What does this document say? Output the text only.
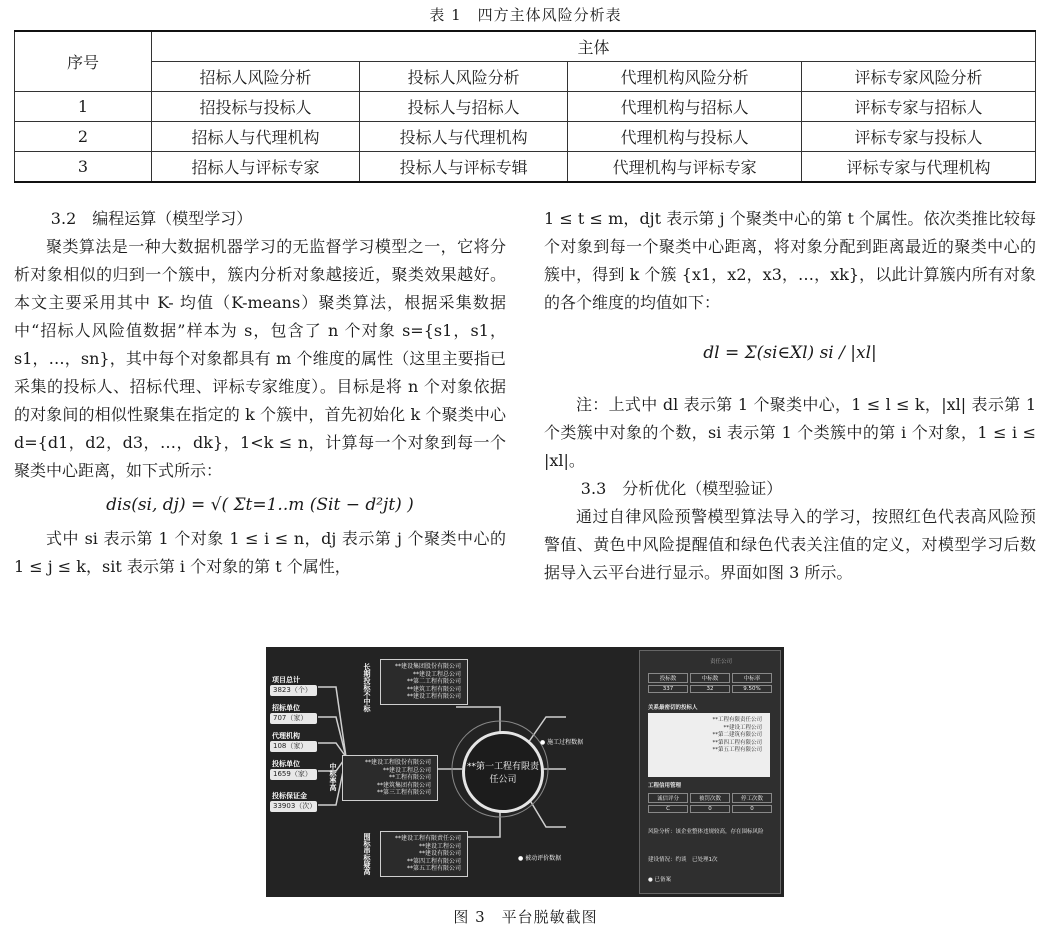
表 1　四方主体风险分析表
序号	主体			
	招标人风险分析	投标人风险分析	代理机构风险分析	评标专家风险分析
1	招投标与投标人	投标人与招标人	代理机构与招标人	评标专家与招标人
2	招标人与代理机构	投标人与代理机构	代理机构与投标人	评标专家与投标人
3	招标人与评标专家	投标人与评标专辑	代理机构与评标专家	评标专家与代理机构

3.2　编程运算（模型学习）

聚类算法是一种大数据机器学习的无监督学习模型之一，它将分析对象相似的归到一个簇中，簇内分析对象越接近，聚类效果越好。本文主要采用其中 K- 均值（K-means）聚类算法，根据采集数据中“招标人风险值数据”样本为 s，包含了 n 个对象 s={s1，s1，s1，…，sn}，其中每个对象都具有 m 个维度的属性（这里主要指已采集的投标人、招标代理、评标专家维度）。目标是将 n 个对象依据的对象间的相似性聚集在指定的 k 个簇中，首先初始化 k 个聚类中心 d={d1，d2，d3，…，dk}，1<k ≤ n，计算每一个对象到每一个聚类中心距离，如下式所示：

dis(si, dj) = √( Σt=1..m (Sit − d²jt) )

式中 si 表示第 1 个对象 1 ≤ i ≤ n，dj 表示第 j 个聚类中心的 1 ≤ j ≤ k，sit 表示第 i 个对象的第 t 个属性，

1 ≤ t ≤ m，djt 表示第 j 个聚类中心的第 t 个属性。依次类推比较每个对象到每一个聚类中心距离，将对象分配到距离最近的聚类中心的簇中，得到 k 个簇 {x1，x2，x3，…，xk}，以此计算簇内所有对象的各个维度的均值如下：

dl = Σ(si∈Xl) si / |xl|

注：上式中 dl 表示第 1 个聚类中心，1 ≤ l ≤ k，|xl| 表示第 1 个类簇中对象的个数，si 表示第 1 个类簇中的第 i 个对象，1 ≤ i ≤ |xl|。

3.3　分析优化（模型验证）

通过自律风险预警模型算法导入的学习，按照红色代表高风险预警值、黄色中风险提醒值和绿色代表关注值的定义，对模型学习后数据导入云平台进行显示。界面如图 3 所示。

项目总计
3823（个）
招标单位
707（家）
代理机构
108（家）
投标单位
1659（家）
投标保证金
33903（次）
长期投标不中标	**建设集团股份有限公司
**建设工程总公司
**第二工程有限公司
**建筑工程有限公司
**建设工程有限公司
中标率高
**建设工程股份有限公司
**建设工程总公司
**工程有限公司
**建筑集团有限公司
**第三工程有限公司
围标串标疑高	**建设工程有限责任公司
**建设工程公司
**建设有限公司
**第四工程有限公司
**第五工程有限公司
**第一工程有限责任公司
● 施工过程数据
● 被动评价数据
责任公司
投标数	中标数	中标率
337	32	9.50%
关系最密切的投标人
**工程有限责任公司
**建设工程公司
**第二建筑有限公司
**第四工程有限公司
**第五工程有限公司
工程信用管理
诚信评分	被罚次数	停工次数
C	0	0
风险分析：该企业整体违规较高，存在围标风险
建设情况：约谈　已处理1次
● 已备案
图 3　平台脱敏截图
